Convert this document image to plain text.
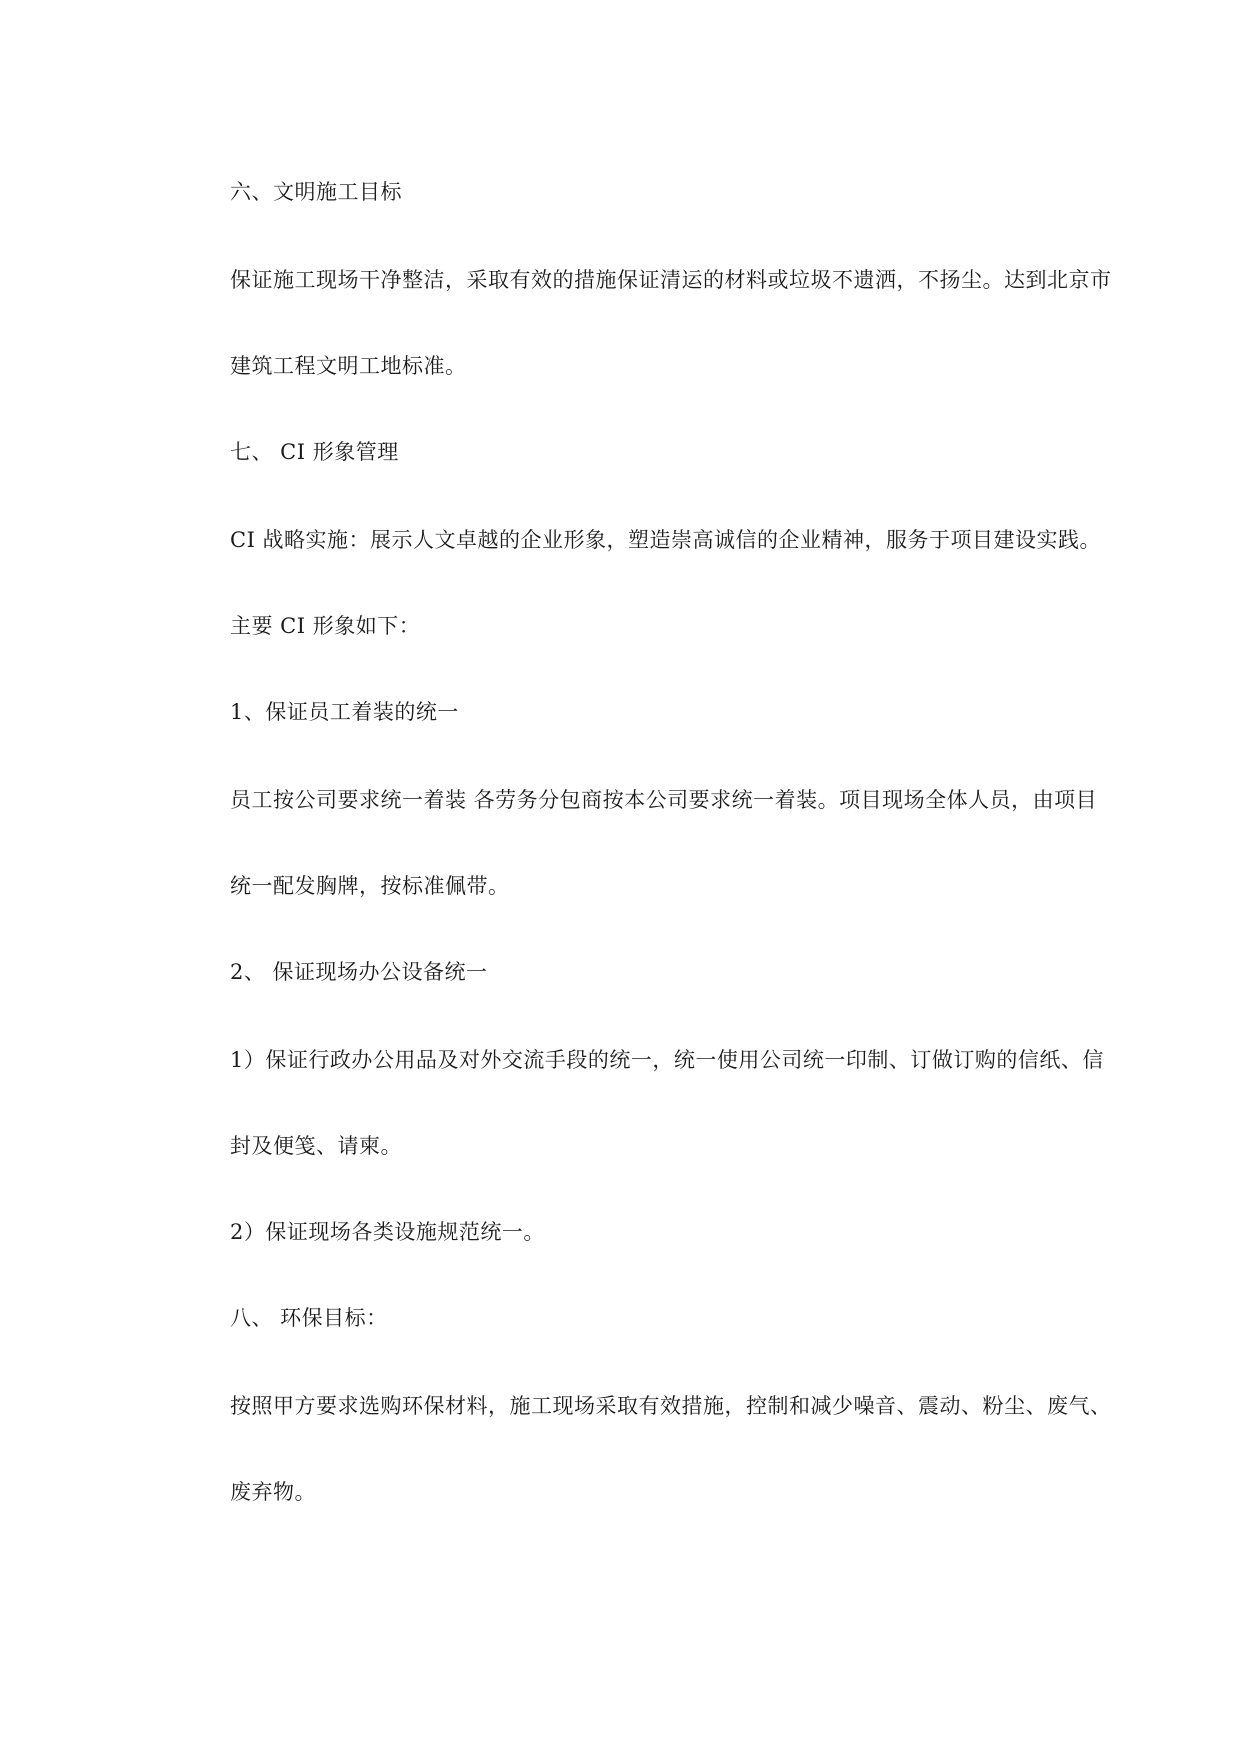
六、文明施工目标
保证施工现场干净整洁，采取有效的措施保证清运的材料或垃圾不遗洒，不扬尘。达到北京市
建筑工程文明工地标准。
七、 CI 形象管理
CI 战略实施：展示人文卓越的企业形象，塑造崇高诚信的企业精神，服务于项目建设实践。
主要 CI 形象如下：
1、保证员工着装的统一
员工按公司要求统一着装 各劳务分包商按本公司要求统一着装。项目现场全体人员，由项目
统一配发胸牌，按标准佩带。
2、 保证现场办公设备统一
1）保证行政办公用品及对外交流手段的统一，统一使用公司统一印制、订做订购的信纸、信
封及便笺、请柬。
2）保证现场各类设施规范统一。
八、 环保目标：
按照甲方要求选购环保材料，施工现场采取有效措施，控制和减少噪音、震动、粉尘、废气、
废弃物。
